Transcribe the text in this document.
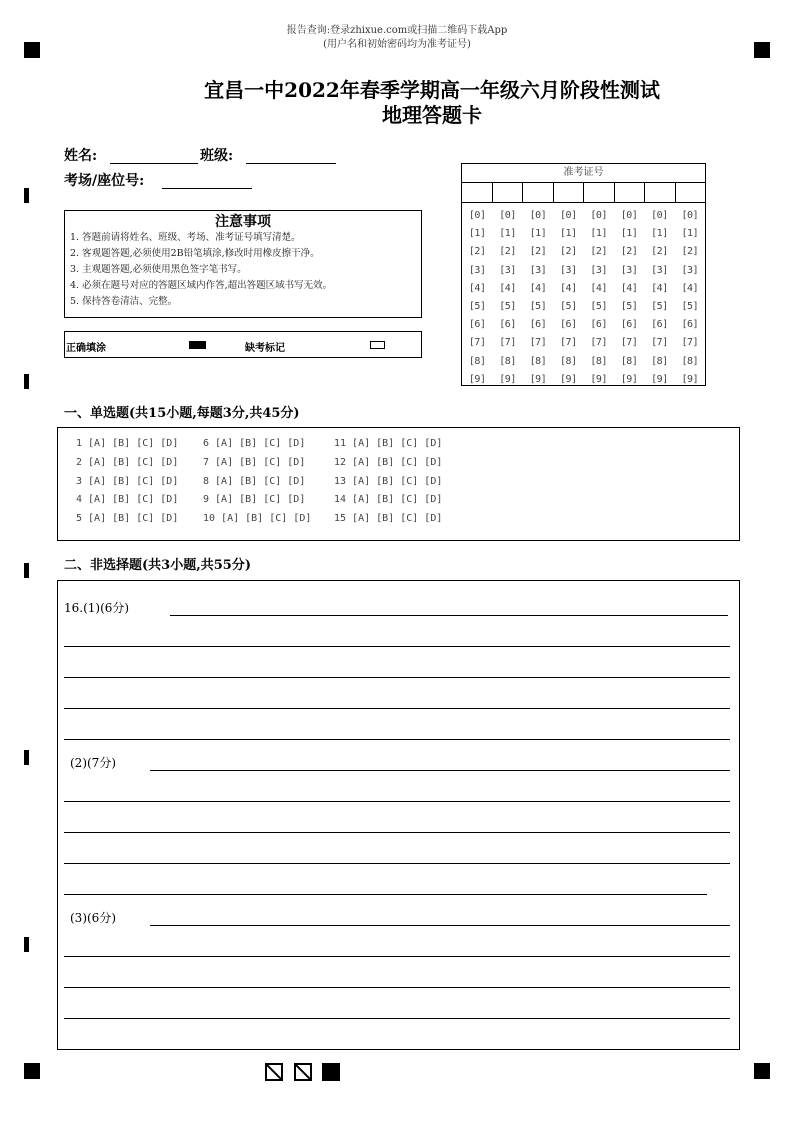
报告查询:登录zhixue.com或扫描二维码下载App
(用户名和初始密码均为准考证号)
宜昌一中2022年春季学期高一年级六月阶段性测试
地理答题卡
姓名:	班级:
考场/座位号:
注意事项
1. 答题前请将姓名、班级、考场、准考证号填写清楚。
2. 客观题答题,必须使用2B铅笔填涂,修改时用橡皮擦干净。
3. 主观题答题,必须使用黑色签字笔书写。
4. 必须在题号对应的答题区域内作答,超出答题区域书写无效。
5. 保持答卷清洁、完整。
正确填涂	缺考标记
准考证号
[0]
[1]
[2]
[3]
[4]
[5]
[6]
[7]
[8]
[9]
[0]
[1]
[2]
[3]
[4]
[5]
[6]
[7]
[8]
[9]
[0]
[1]
[2]
[3]
[4]
[5]
[6]
[7]
[8]
[9]
[0]
[1]
[2]
[3]
[4]
[5]
[6]
[7]
[8]
[9]
[0]
[1]
[2]
[3]
[4]
[5]
[6]
[7]
[8]
[9]
[0]
[1]
[2]
[3]
[4]
[5]
[6]
[7]
[8]
[9]
[0]
[1]
[2]
[3]
[4]
[5]
[6]
[7]
[8]
[9]
[0]
[1]
[2]
[3]
[4]
[5]
[6]
[7]
[8]
[9]
一、单选题(共15小题,每题3分,共45分)
1 [A] [B] [C] [D]
2 [A] [B] [C] [D]
3 [A] [B] [C] [D]
4 [A] [B] [C] [D]
5 [A] [B] [C] [D]
6 [A] [B] [C] [D]
7 [A] [B] [C] [D]
8 [A] [B] [C] [D]
9 [A] [B] [C] [D]
10 [A] [B] [C] [D]
11 [A] [B] [C] [D]
12 [A] [B] [C] [D]
13 [A] [B] [C] [D]
14 [A] [B] [C] [D]
15 [A] [B] [C] [D]
二、非选择题(共3小题,共55分)
16.(1)(6分)
(2)(7分)
(3)(6分)
